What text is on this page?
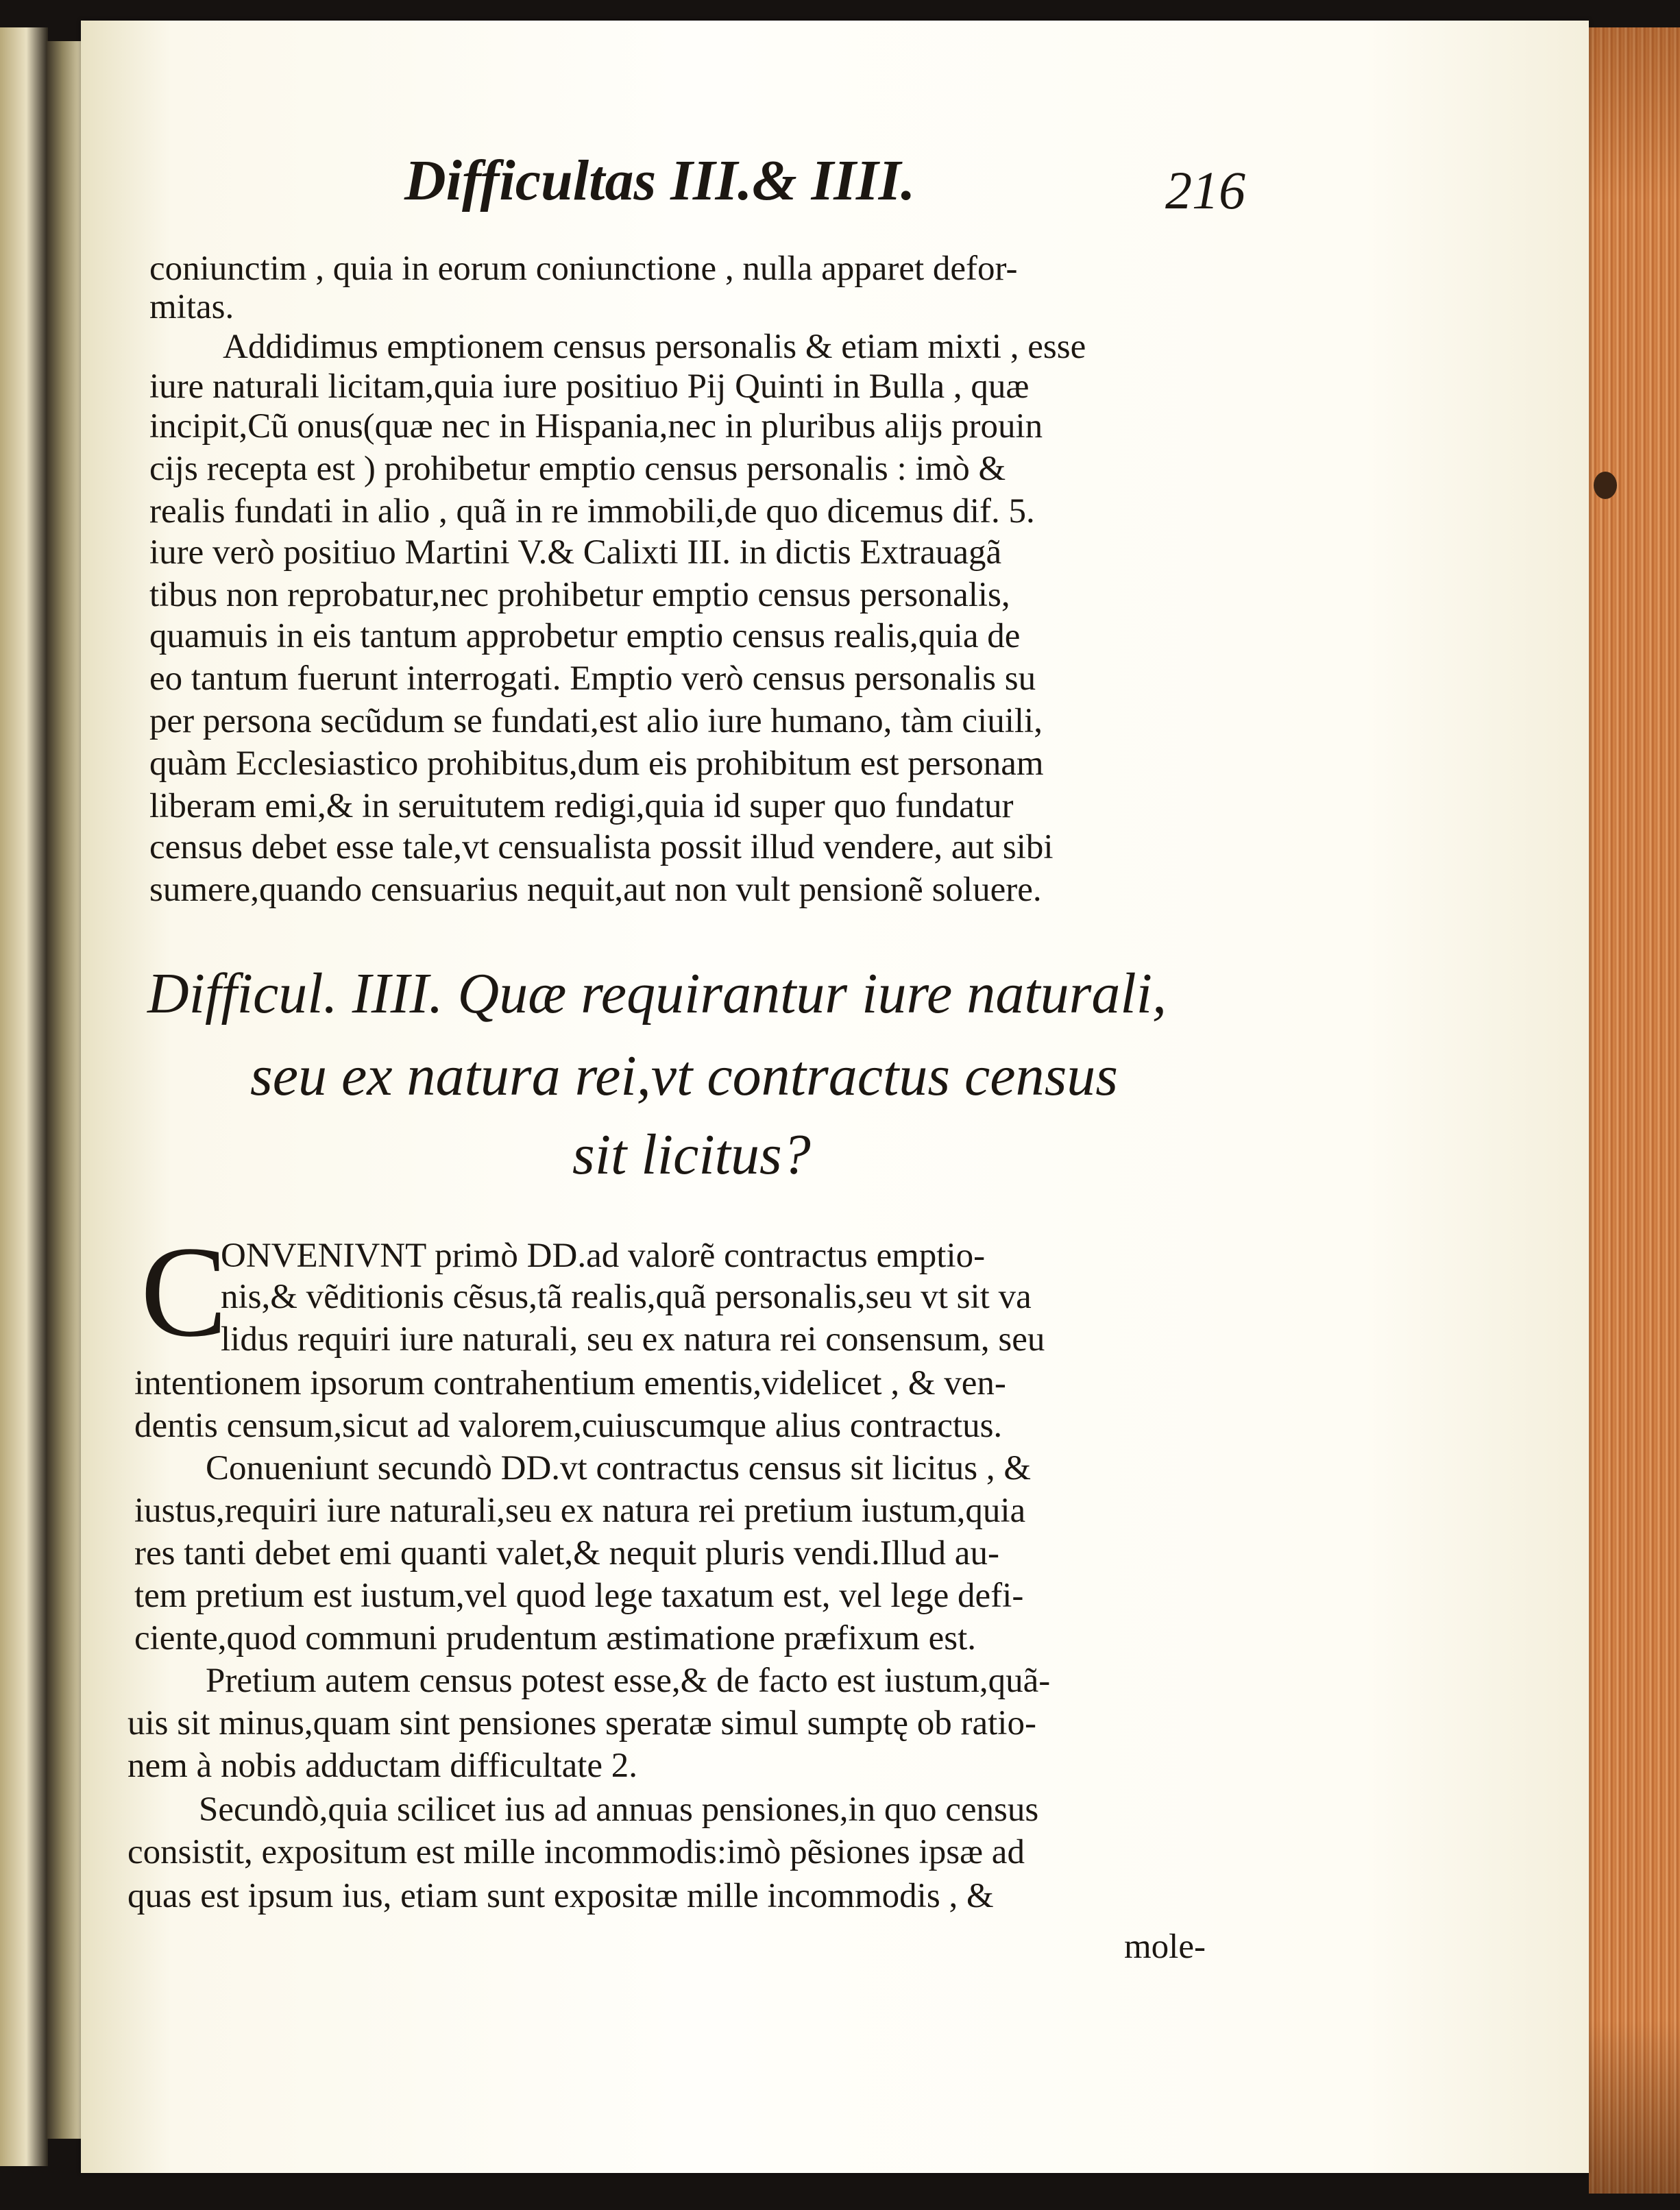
Difficultas III.& IIII.	216
coniunctim , quia in eorum coniunctione , nulla apparet defor-
mitas.
Addidimus emptionem census personalis & etiam mixti , esse
iure naturali licitam,quia iure positiuo Pij Quinti in Bulla , quæ
incipit,Cũ onus(quæ nec in Hispania,nec in pluribus alijs prouin
cijs recepta est ) prohibetur emptio census personalis : imò &
realis fundati in alio , quã in re immobili,de quo dicemus dif. 5.
iure verò positiuo Martini V.& Calixti III. in dictis Extrauagã
tibus non reprobatur,nec prohibetur emptio census personalis,
quamuis in eis tantum approbetur emptio census realis,quia de
eo tantum fuerunt interrogati. Emptio verò census personalis su
per persona secũdum se fundati,est alio iure humano, tàm ciuili,
quàm Ecclesiastico prohibitus,dum eis prohibitum est personam
liberam emi,& in seruitutem redigi,quia id super quo fundatur
census debet esse tale,vt censualista possit illud vendere, aut sibi
sumere,quando censuarius nequit,aut non vult pensionẽ soluere.
Difficul. IIII. Quæ requirantur iure naturali,
seu ex natura rei,vt contractus census
sit licitus?
C
ONVENIVNT primò DD.ad valorẽ contractus emptio-
nis,& vẽditionis cẽsus,tã realis,quã personalis,seu vt sit va
lidus requiri iure naturali, seu ex natura rei consensum, seu
intentionem ipsorum contrahentium ementis,videlicet , & ven-
dentis censum,sicut ad valorem,cuiuscumque alius contractus.
Conueniunt secundò DD.vt contractus census sit licitus , &
iustus,requiri iure naturali,seu ex natura rei pretium iustum,quia
res tanti debet emi quanti valet,& nequit pluris vendi.Illud au-
tem pretium est iustum,vel quod lege taxatum est, vel lege defi-
ciente,quod communi prudentum æstimatione præfixum est.
Pretium autem census potest esse,& de facto est iustum,quã-
uis sit minus,quam sint pensiones speratæ simul sumptę ob ratio-
nem à nobis adductam difficultate 2.
Secundò,quia scilicet ius ad annuas pensiones,in quo census
consistit, expositum est mille incommodis:imò pẽsiones ipsæ ad
quas est ipsum ius, etiam sunt expositæ mille incommodis , &
mole-
